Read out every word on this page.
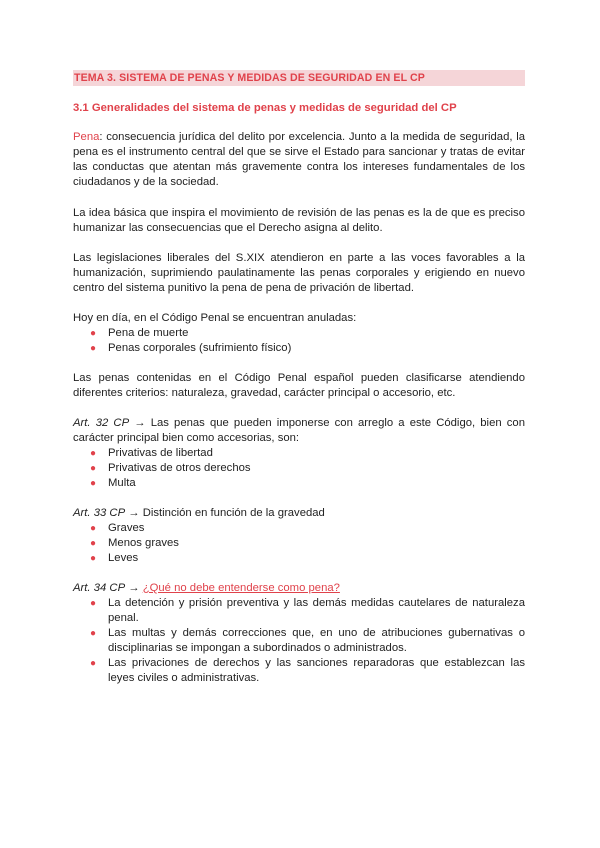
TEMA 3. SISTEMA DE PENAS Y MEDIDAS DE SEGURIDAD EN EL CP
3.1 Generalidades del sistema de penas y medidas de seguridad del CP

Pena: consecuencia jurídica del delito por excelencia. Junto a la medida de seguridad, la pena es el instrumento central del que se sirve el Estado para sancionar y tratas de evitar las conductas que atentan más gravemente contra los intereses fundamentales de los ciudadanos y de la sociedad.

La idea básica que inspira el movimiento de revisión de las penas es la de que es preciso humanizar las consecuencias que el Derecho asigna al delito.

Las legislaciones liberales del S.XIX atendieron en parte a las voces favorables a la humanización, suprimiendo paulatinamente las penas corporales y erigiendo en nuevo centro del sistema punitivo la pena de pena de privación de libertad.

Hoy en día, en el Código Penal se encuentran anuladas:

● Pena de muerte
● Penas corporales (sufrimiento físico)

Las penas contenidas en el Código Penal español pueden clasificarse atendiendo diferentes criterios: naturaleza, gravedad, carácter principal o accesorio, etc.

Art. 32 CP → Las penas que pueden imponerse con arreglo a este Código, bien con carácter principal bien como accesorias, son:

● Privativas de libertad
● Privativas de otros derechos
● Multa

Art. 33 CP → Distinción en función de la gravedad

● Graves
● Menos graves
● Leves

Art. 34 CP → ¿Qué no debe entenderse como pena?

● La detención y prisión preventiva y las demás medidas cautelares de naturaleza penal.
● Las multas y demás correcciones que, en uno de atribuciones gubernativas o disciplinarias se impongan a subordinados o administrados.
● Las privaciones de derechos y las sanciones reparadoras que establezcan las leyes civiles o administrativas.
